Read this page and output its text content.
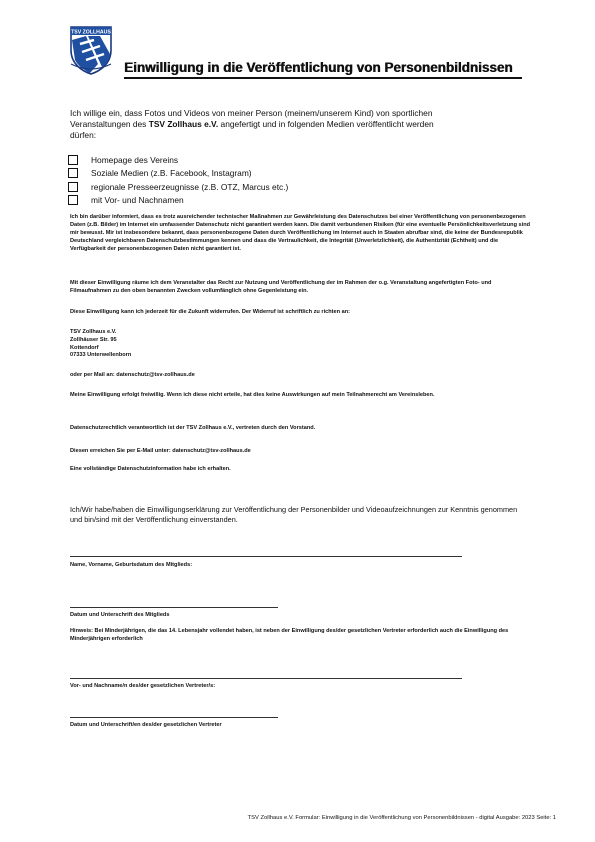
TSV ZOLLHAUS
Einwilligung in die Veröffentlichung von Personenbildnissen
Ich willige ein, dass Fotos und Videos von meiner Person (meinem/unserem Kind) von sportlichen
Veranstaltungen des TSV Zollhaus e.V. angefertigt und in folgenden Medien veröffentlicht werden
dürfen:
Homepage des Vereins
Soziale Medien (z.B. Facebook, Instagram)
regionale Presseerzeugnisse (z.B. OTZ, Marcus etc.)
mit Vor- und Nachnamen
Ich bin darüber informiert, dass es trotz ausreichender technischer Maßnahmen zur Gewährleistung des Datenschutzes bei einer Veröffentlichung von personenbezogenen Daten (z.B. Bilder) im Internet ein umfassender Datenschutz nicht garantiert werden kann. Die damit verbundenen Risiken (für eine eventuelle Persönlichkeitsverletzung sind mir bewusst. Mir ist insbesondere bekannt, dass personenbezogene Daten durch Veröffentlichung im Internet auch in Staaten abrufbar sind, die keine der Bundesrepublik Deutschland vergleichbaren Datenschutzbestimmungen kennen und dass die Vertraulichkeit, die Integrität (Unverletzlichkeit), die Authentizität (Echtheit) und die Verfügbarkeit der personenbezogenen Daten nicht garantiert ist.
Mit dieser Einwilligung räume ich dem Veranstalter das Recht zur Nutzung und Veröffentlichung der im Rahmen der o.g. Veranstaltung angefertigten Foto- und Filmaufnahmen zu den oben benannten Zwecken vollumfänglich ohne Gegenleistung ein.
Diese Einwilligung kann ich jederzeit für die Zukunft widerrufen. Der Widerruf ist schriftlich zu richten an:
TSV Zollhaus e.V.
Zollhäuser Str. 95
Kottendorf
07333 Unterwellenborn
oder per Mail an: datenschutz@tsv-zollhaus.de
Meine Einwilligung erfolgt freiwillig. Wenn ich diese nicht erteile, hat dies keine Auswirkungen auf mein Teilnahmerecht am Vereinsleben.
Datenschutzrechtlich verantwortlich ist der TSV Zollhaus e.V., vertreten durch den Vorstand.
Diesen erreichen Sie per E-Mail unter: datenschutz@tsv-zollhaus.de
Eine vollständige Datenschutzinformation habe ich erhalten.
Ich/Wir habe/haben die Einwilligungserklärung zur Veröffentlichung der Personenbilder und Videoaufzeichnungen zur Kenntnis genommen und bin/sind mit der Veröffentlichung einverstanden.
Name, Vorname, Geburtsdatum des Mitglieds:
Datum und Unterschrift des Mitglieds
Hinweis: Bei Minderjährigen, die das 14. Lebensjahr vollendet haben, ist neben der Einwilligung des/der gesetzlichen Vertreter erforderlich auch die Einwilligung des Minderjährigen erforderlich
Vor- und Nachname/n des/der gesetzlichen Vertreter/s:
Datum und Unterschrift/en des/der gesetzlichen Vertreter
TSV Zollhaus e.V. Formular: Einwilligung in die Veröffentlichung von Personenbildnissen - digital Ausgabe: 2023 Seite: 1
